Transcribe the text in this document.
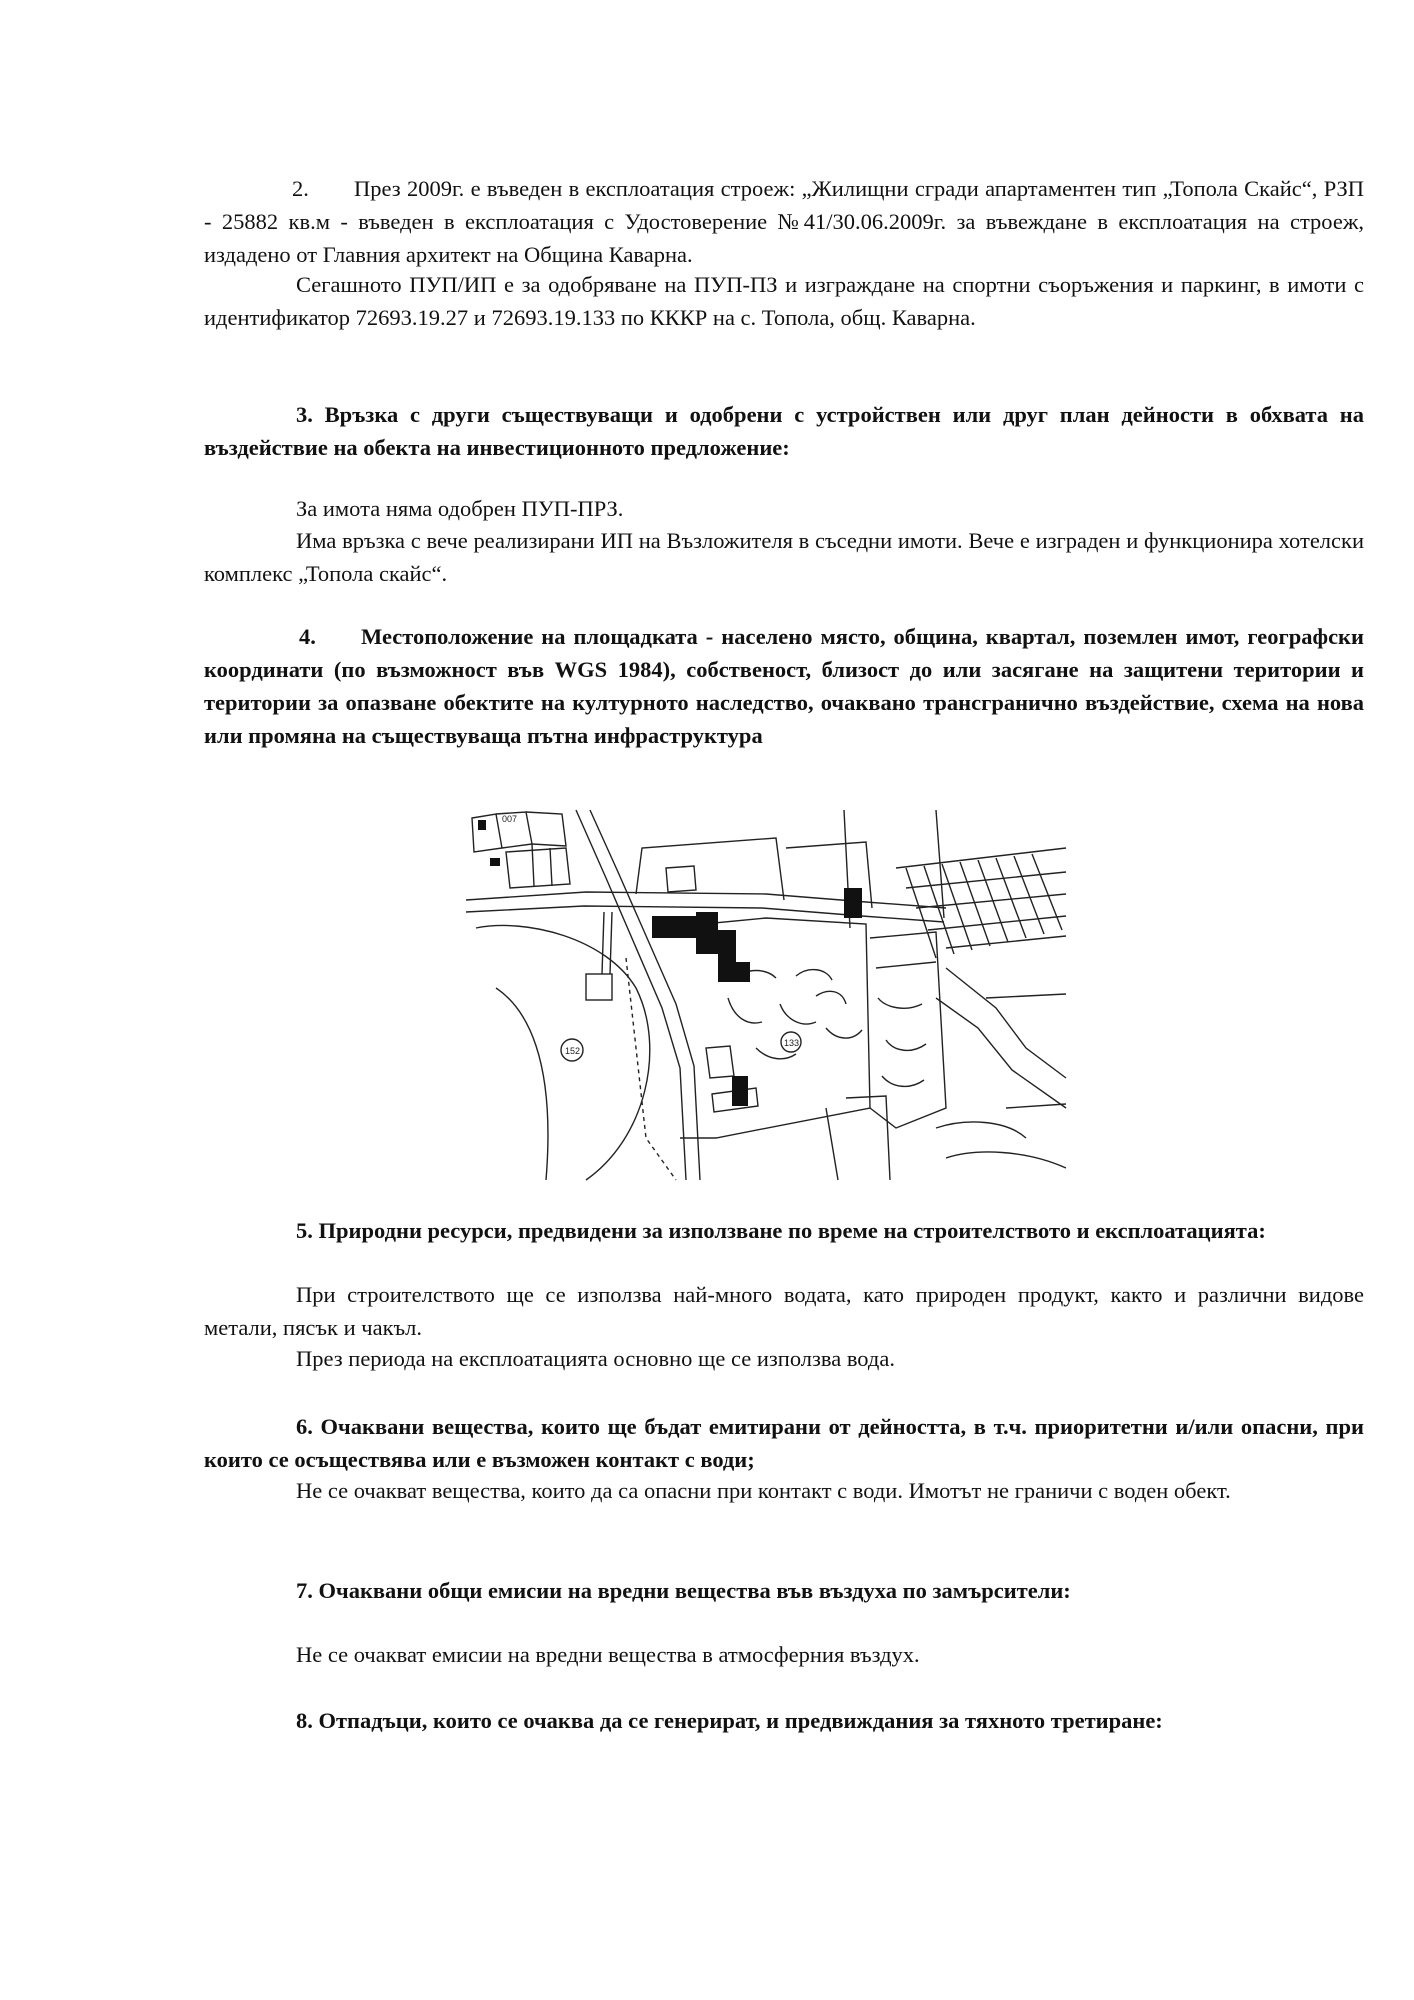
2. През 2009г. е въведен в експлоатация строеж: „Жилищни сгради апартаментен тип „Топола Скайс“, РЗП - 25882 кв.м - въведен в експлоатация с Удостоверение №41/30.06.2009г. за въвеждане в експлоатация на строеж, издадено от Главния архитект на Община Каварна.

Сегашното ПУП/ИП е за одобряване на ПУП-ПЗ и изграждане на спортни съоръжения и паркинг, в имоти с идентификатор 72693.19.27 и 72693.19.133 по КККР на с. Топола, общ. Каварна.

3. Връзка с други съществуващи и одобрени с устройствен или друг план дейности в обхвата на въздействие на обекта на инвестиционното предложение:

За имота няма одобрен ПУП-ПРЗ.

Има връзка с вече реализирани ИП на Възложителя в съседни имоти. Вече е изграден и функционира хотелски комплекс „Топола скайс“.

4. Местоположение на площадката - населено място, община, квартал, поземлен имот, географски координати (по възможност във WGS 1984), собственост, близост до или засягане на защитени територии и територии за опазване обектите на културното наследство, очаквано трансгранично въздействие, схема на нова или промяна на съществуваща пътна инфраструктура

007
152
133

5. Природни ресурси, предвидени за използване по време на строителството и експлоатацията:

При строителството ще се използва най-много водата, като природен продукт, както и различни видове метали, пясък и чакъл.

През периода на експлоатацията основно ще се използва вода.

6. Очаквани вещества, които ще бъдат емитирани от дейността, в т.ч. приоритетни и/или опасни, при които се осъществява или е възможен контакт с води;

Не се очакват вещества, които да са опасни при контакт с води. Имотът не граничи с воден обект.

7. Очаквани общи емисии на вредни вещества във въздуха по замърсители:

Не се очакват емисии на вредни вещества в атмосферния въздух.

8. Отпадъци, които се очаква да се генерират, и предвиждания за тяхното третиране:
